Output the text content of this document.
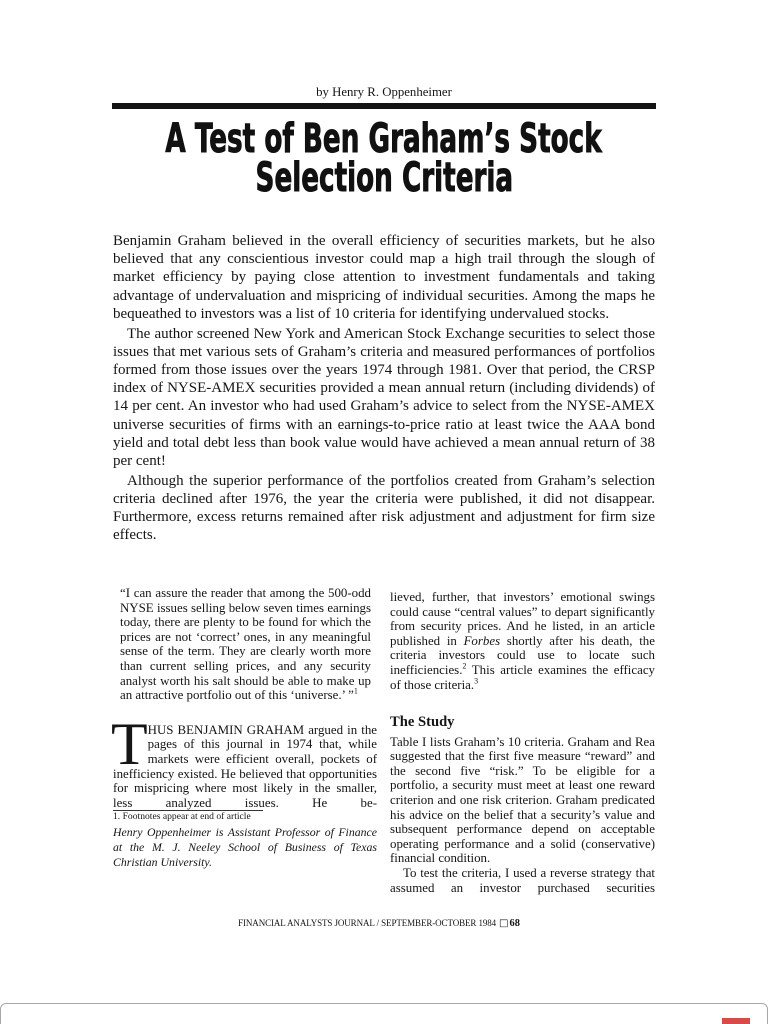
by Henry R. Oppenheimer
A Test of Ben Graham’s Stock
Selection Criteria

Benjamin Graham believed in the overall efficiency of securities markets, but he also believed that any conscientious investor could map a high trail through the slough of market efficiency by paying close attention to investment fundamentals and taking advantage of undervaluation and mispricing of individual securities. Among the maps he bequeathed to investors was a list of 10 criteria for identifying undervalued stocks.

The author screened New York and American Stock Exchange securities to select those issues that met various sets of Graham’s criteria and measured performances of portfolios formed from those issues over the years 1974 through 1981. Over that period, the CRSP index of NYSE-AMEX securities provided a mean annual return (including dividends) of 14 per cent. An investor who had used Graham’s advice to select from the NYSE-AMEX universe securities of firms with an earnings-to-price ratio at least twice the AAA bond yield and total debt less than book value would have achieved a mean annual return of 38 per cent!

Although the superior performance of the portfolios created from Graham’s selection criteria declined after 1976, the year the criteria were published, it did not disappear. Furthermore, excess returns remained after risk adjustment and adjustment for firm size effects.

“I can assure the reader that among the 500-odd NYSE issues selling below seven times earnings today, there are plenty to be found for which the prices are not ‘correct’ ones, in any meaningful sense of the term. They are clearly worth more than current selling prices, and any security analyst worth his salt should be able to make up an attractive portfolio out of this ‘universe.’ ”$^1$

THUS BENJAMIN GRAHAM argued in the pages of this journal in 1974 that, while markets were efficient overall, pockets of inefficiency existed. He believed that opportunities for mispricing where most likely in the smaller, less analyzed issues. He be-

1. Footnotes appear at end of article

Henry Oppenheimer is Assistant Professor of Finance at the M. J. Neeley School of Business of Texas Christian University.

lieved, further, that investors’ emotional swings could cause “central values” to depart significantly from security prices. And he listed, in an article published in Forbes shortly after his death, the criteria investors could use to locate such inefficiencies.$^2$ This article examines the efficacy of those criteria.$^3$

The Study

Table I lists Graham’s 10 criteria. Graham and Rea suggested that the first five measure “reward” and the second five “risk.” To be eligible for a portfolio, a security must meet at least one reward criterion and one risk criterion. Graham predicated his advice on the belief that a security’s value and subsequent performance depend on acceptable operating performance and a solid (conservative) financial condition.

To test the criteria, I used a reverse strategy that assumed an investor purchased securities

FINANCIAL ANALYSTS JOURNAL / SEPTEMBER-OCTOBER 1984 □68
